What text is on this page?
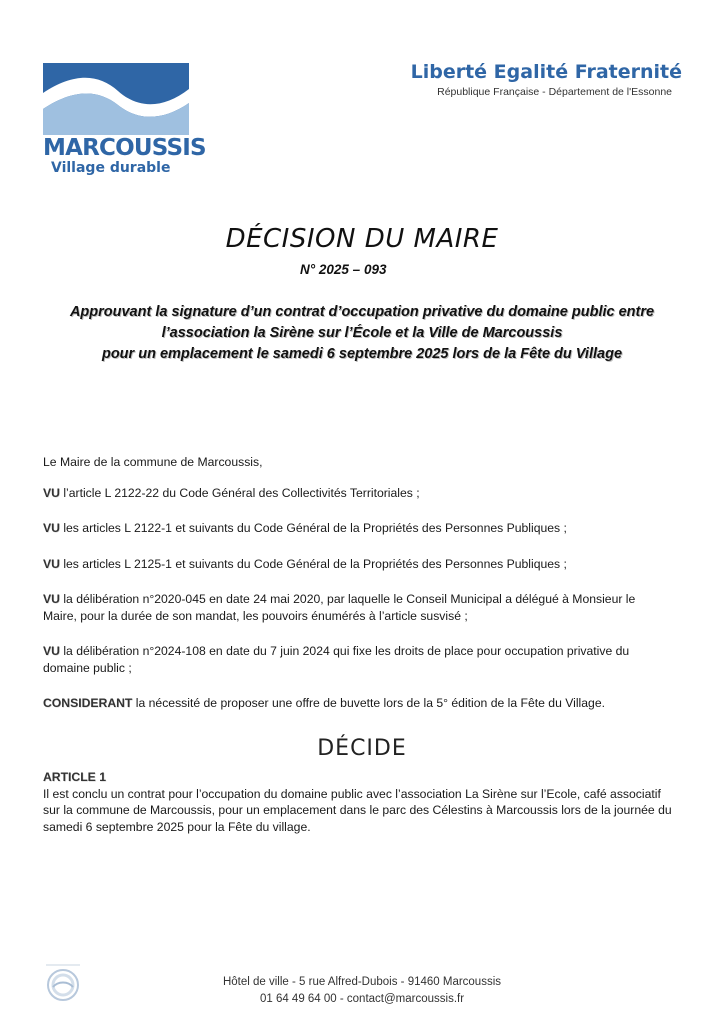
MARCOUSSIS
Village durable
Liberté Egalité Fraternité
République Française - Département de l'Essonne
DÉCISION DU MAIRE
N° 2025 – 093
Approuvant la signature d’un contrat d’occupation privative du domaine public entre
l’association la Sirène sur l’École et la Ville de Marcoussis
pour un emplacement le samedi 6 septembre 2025 lors de la Fête du Village

Le Maire de la commune de Marcoussis,

VU l’article L 2122-22 du Code Général des Collectivités Territoriales ;

VU les articles L 2122-1 et suivants du Code Général de la Propriétés des Personnes Publiques ;

VU les articles L 2125-1 et suivants du Code Général de la Propriétés des Personnes Publiques ;

VU la délibération n°2020-045 en date 24 mai 2020, par laquelle le Conseil Municipal a délégué à Monsieur le Maire, pour la durée de son mandat, les pouvoirs énumérés à l’article susvisé ;

VU la délibération n°2024-108 en date du 7 juin 2024 qui fixe les droits de place pour occupation privative du domaine public ;

CONSIDERANT la nécessité de proposer une offre de buvette lors de la 5° édition de la Fête du Village.

DÉCIDE
ARTICLE 1
Il est conclu un contrat pour l’occupation du domaine public avec l’association La Sirène sur l’Ecole, café associatif sur la commune de Marcoussis, pour un emplacement dans le parc des Célestins à Marcoussis lors de la journée du samedi 6 septembre 2025 pour la Fête du village.
Hôtel de ville - 5 rue Alfred-Dubois - 91460 Marcoussis
01 64 49 64 00 - contact@marcoussis.fr
